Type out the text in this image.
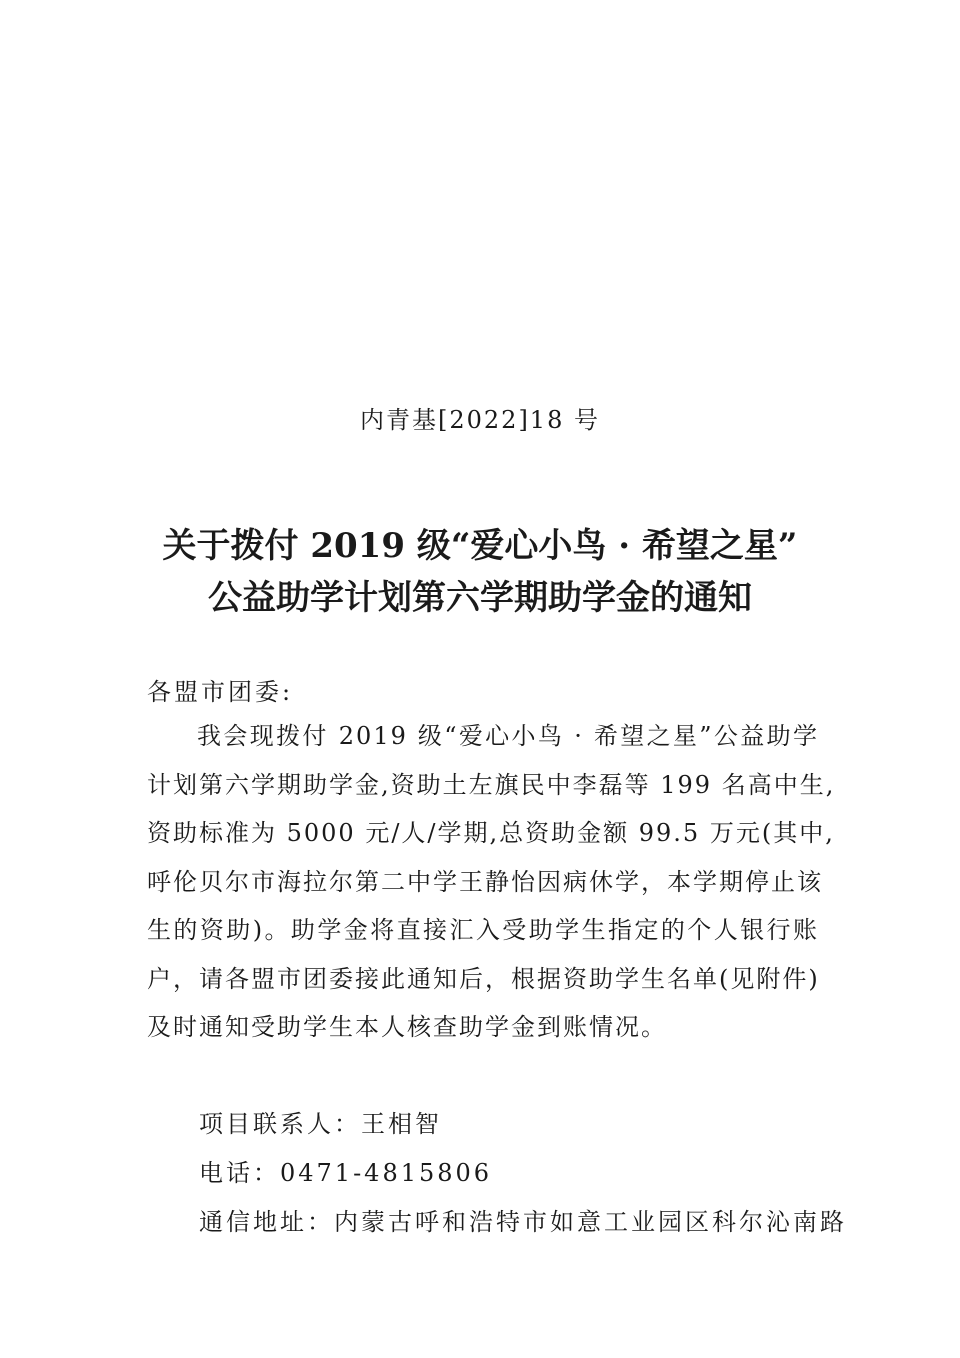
内青基[2022]18 号
关于拨付 2019 级“爱心小鸟 · 希望之星”
公益助学计划第六学期助学金的通知
各盟市团委:
我会现拨付 2019 级“爱心小鸟 · 希望之星”公益助学
计划第六学期助学金,资助土左旗民中李磊等 199 名高中生,
资助标准为 5000 元/人/学期,总资助金额 99.5 万元(其中,
呼伦贝尔市海拉尔第二中学王静怡因病休学，本学期停止该
生的资助)。助学金将直接汇入受助学生指定的个人银行账
户，请各盟市团委接此通知后，根据资助学生名单(见附件)
及时通知受助学生本人核查助学金到账情况。
项目联系人：王相智
电话：0471-4815806
通信地址：内蒙古呼和浩特市如意工业园区科尔沁南路
